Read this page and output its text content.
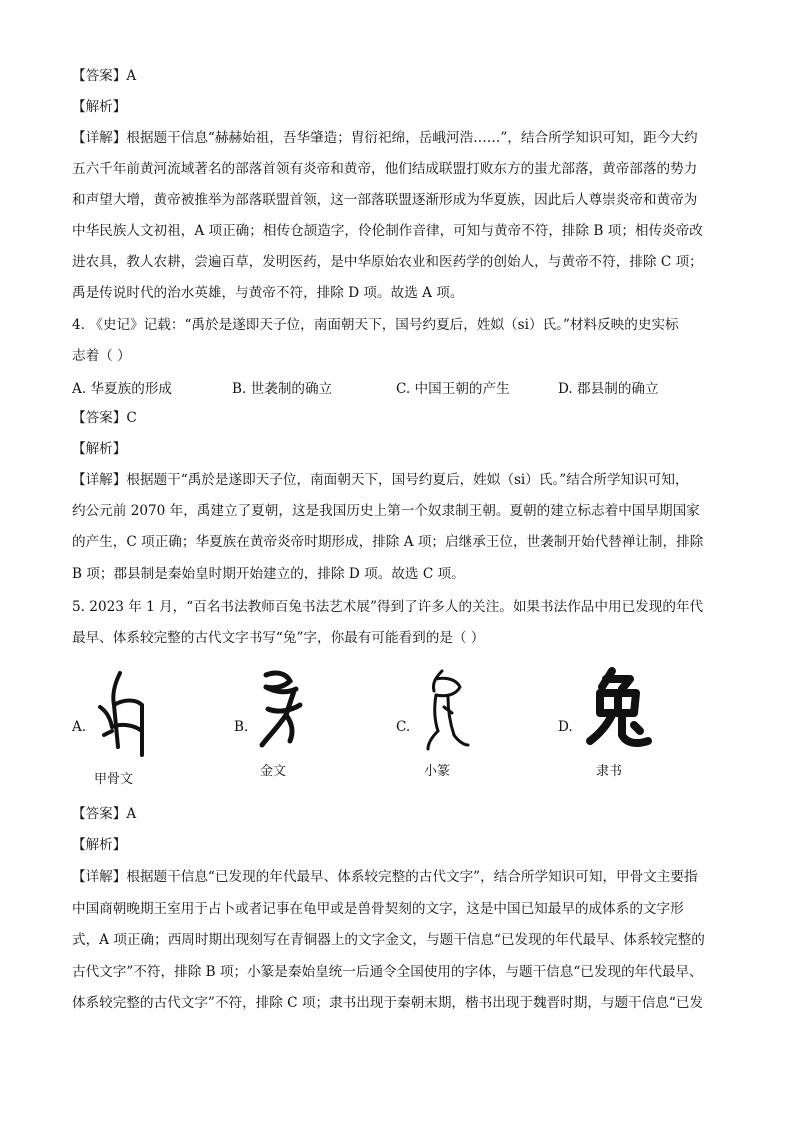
【答案】A
【解析】
【详解】根据题干信息“赫赫始祖，吾华肇造；胄衍祀绵，岳峨河浩……”，结合所学知识可知，距今大约
五六千年前黄河流域著名的部落首领有炎帝和黄帝，他们结成联盟打败东方的蚩尤部落，黄帝部落的势力
和声望大增，黄帝被推举为部落联盟首领，这一部落联盟逐渐形成为华夏族，因此后人尊崇炎帝和黄帝为
中华民族人文初祖，A 项正确；相传仓颉造字，伶伦制作音律，可知与黄帝不符，排除 B 项；相传炎帝改
进农具，教人农耕，尝遍百草，发明医药，是中华原始农业和医药学的创始人，与黄帝不符，排除 C 项；
禹是传说时代的治水英雄，与黄帝不符，排除 D 项。故选 A 项。
4. 《史记》记载：“禹於是遂即天子位，南面朝天下，国号约夏后，姓姒（si）氏。”材料反映的史实标
志着（ ）
A. 华夏族的形成	B. 世袭制的确立	C. 中国王朝的产生	D. 郡县制的确立
【答案】C
【解析】
【详解】根据题干“禹於是遂即天子位，南面朝天下，国号约夏后，姓姒（si）氏。”结合所学知识可知，
约公元前 2070 年，禹建立了夏朝，这是我国历史上第一个奴隶制王朝。夏朝的建立标志着中国早期国家
的产生，C 项正确；华夏族在黄帝炎帝时期形成，排除 A 项；启继承王位，世袭制开始代替禅让制，排除
B 项；郡县制是秦始皇时期开始建立的，排除 D 项。故选 C 项。
5. 2023 年 1 月，“百名书法教师百兔书法艺术展”得到了许多人的关注。如果书法作品中用已发现的年代
最早、体系较完整的古代文字书写“兔”字，你最有可能看到的是（ ）
A.
甲骨文
B.
金文
C.
小篆
D.
隶书
【答案】A
【解析】
【详解】根据题干信息“已发现的年代最早、体系较完整的古代文字”，结合所学知识可知，甲骨文主要指
中国商朝晚期王室用于占卜或者记事在龟甲或是兽骨契刻的文字，这是中国已知最早的成体系的文字形
式，A 项正确；西周时期出现刻写在青铜器上的文字金文，与题干信息“已发现的年代最早、体系较完整的
古代文字”不符，排除 B 项；小篆是秦始皇统一后通令全国使用的字体，与题干信息“已发现的年代最早、
体系较完整的古代文字”不符，排除 C 项；隶书出现于秦朝末期，楷书出现于魏晋时期，与题干信息“已发
